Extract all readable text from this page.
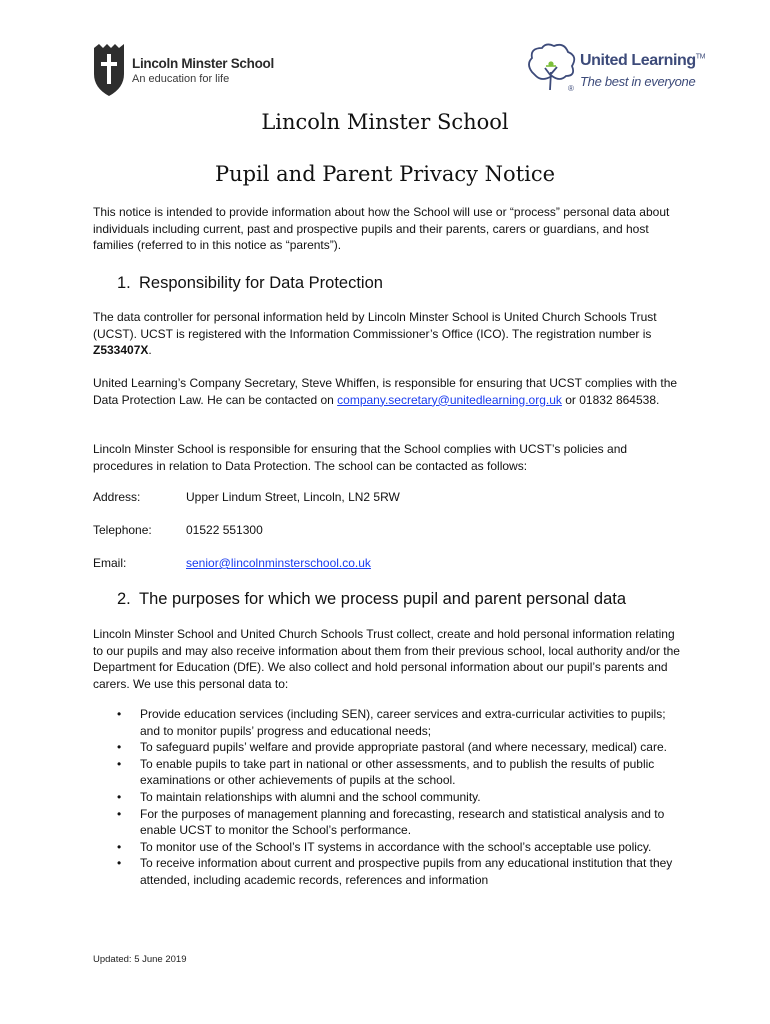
Lincoln Minster School
An education for life
United Learning™
The best in everyone
®
Lincoln Minster School
Pupil and Parent Privacy Notice

This notice is intended to provide information about how the School will use or “process” personal data about individuals including current, past and prospective pupils and their parents, carers or guardians, and host families (referred to in this notice as “parents”).

1. Responsibility for Data Protection

The data controller for personal information held by Lincoln Minster School is United Church Schools Trust (UCST). UCST is registered with the Information Commissioner’s Office (ICO). The registration number is Z533407X.

United Learning’s Company Secretary, Steve Whiffen, is responsible for ensuring that UCST complies with the Data Protection Law. He can be contacted on company.secretary@unitedlearning.org.uk or 01832 864538.

Lincoln Minster School is responsible for ensuring that the School complies with UCST’s policies and procedures in relation to Data Protection. The school can be contacted as follows:

Address:	Upper Lindum Street, Lincoln, LN2 5RW
Telephone:	01522 551300
Email:	senior@lincolnminsterschool.co.uk
2. The purposes for which we process pupil and parent personal data

Lincoln Minster School and United Church Schools Trust collect, create and hold personal information relating to our pupils and may also receive information about them from their previous school, local authority and/or the Department for Education (DfE). We also collect and hold personal information about our pupil’s parents and carers. We use this personal data to:

• Provide education services (including SEN), career services and extra-curricular activities to pupils; and to monitor pupils’ progress and educational needs;
• To safeguard pupils’ welfare and provide appropriate pastoral (and where necessary, medical) care.
• To enable pupils to take part in national or other assessments, and to publish the results of public examinations or other achievements of pupils at the school.
• To maintain relationships with alumni and the school community.
• For the purposes of management planning and forecasting, research and statistical analysis and to enable UCST to monitor the School’s performance.
• To monitor use of the School’s IT systems in accordance with the school’s acceptable use policy.
• To receive information about current and prospective pupils from any educational institution that they attended, including academic records, references and information
Updated: 5 June 2019
